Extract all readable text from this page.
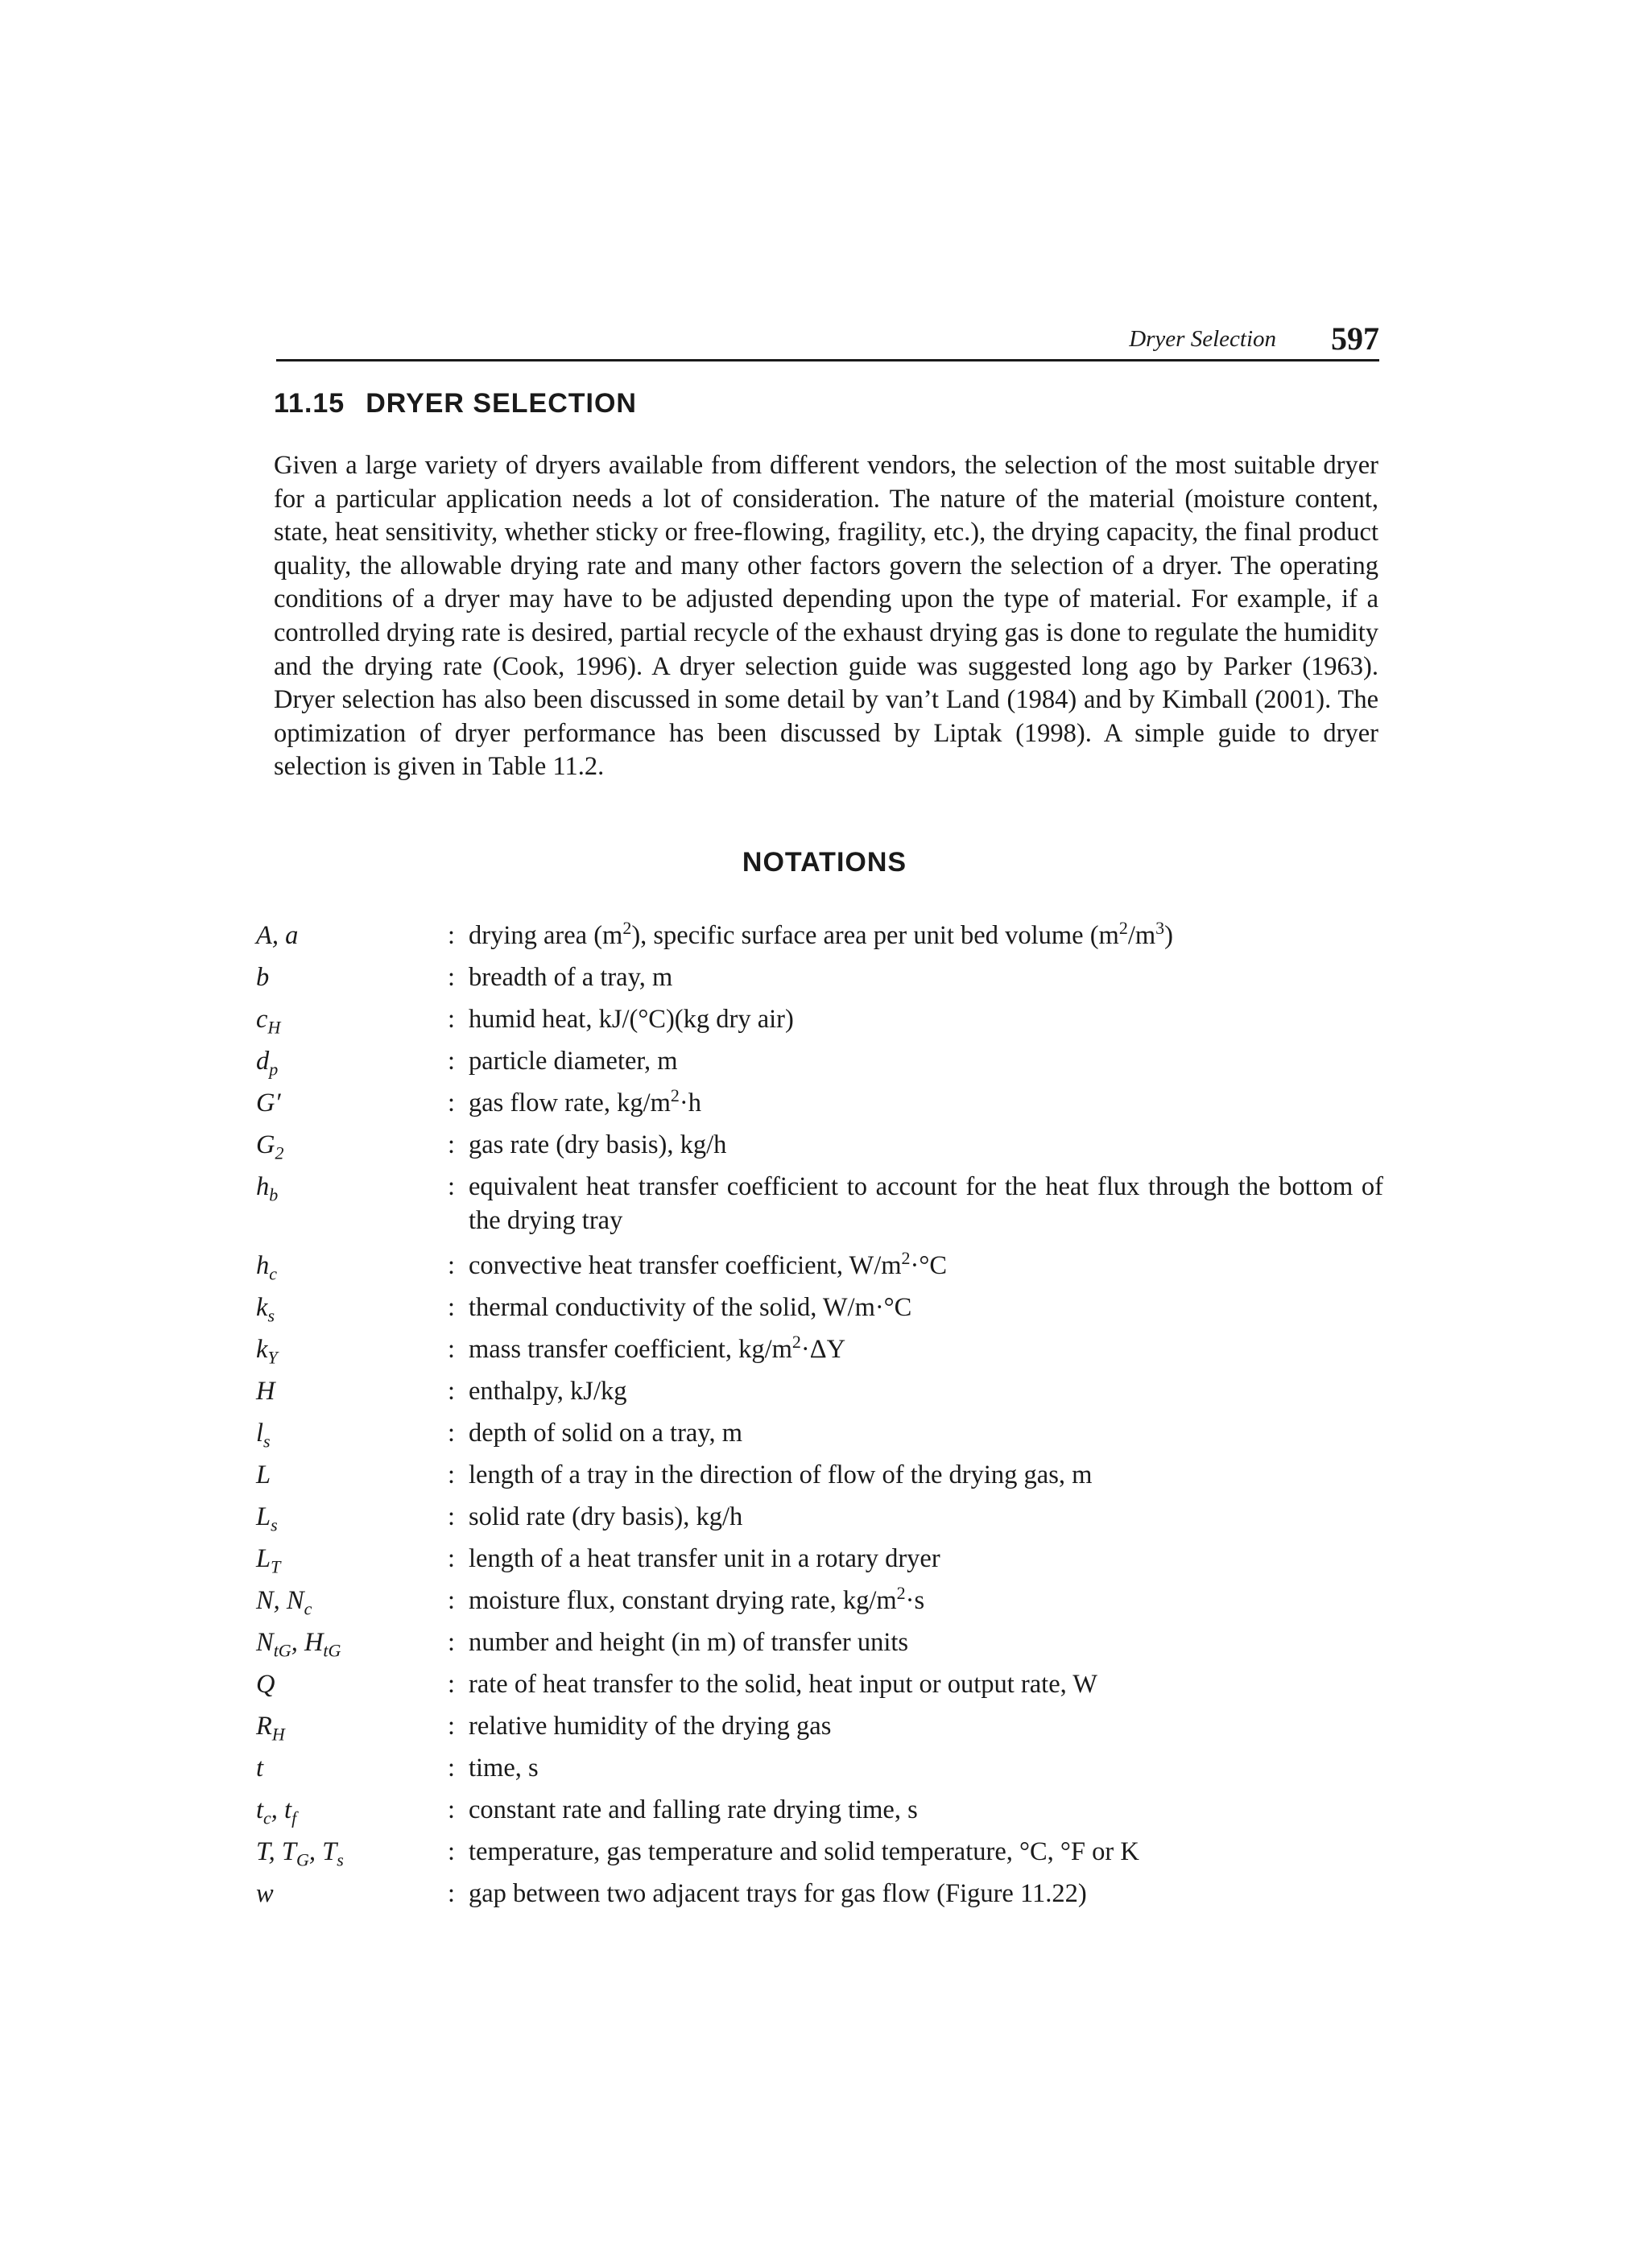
Dryer Selection 597
11.15 DRYER SELECTION

Given a large variety of dryers available from different vendors, the selection of the most suitable dryer for a particular application needs a lot of consideration. The nature of the material (moisture content, state, heat sensitivity, whether sticky or free-flowing, fragility, etc.), the drying capacity, the final product quality, the allowable drying rate and many other factors govern the selection of a dryer. The operating conditions of a dryer may have to be adjusted depending upon the type of material. For example, if a controlled drying rate is desired, partial recycle of the exhaust drying gas is done to regulate the humidity and the drying rate (Cook, 1996). A dryer selection guide was suggested long ago by Parker (1963). Dryer selection has also been discussed in some detail by van’t Land (1984) and by Kimball (2001). The optimization of dryer performance has been discussed by Liptak (1998). A simple guide to dryer selection is given in Table 11.2.

NOTATIONS
A, a	: drying area $(m^2)$, specific surface area per unit bed volume $(m^2/m^3)$
b	: breadth of a tray, m
$c_H$	: humid heat, kJ/(°C)(kg dry air)
$d_p$	: particle diameter, m
G′	: gas flow rate, $kg/m^2\cdot h$
$G_2$	: gas rate (dry basis), kg/h
$h_b$	: equivalent heat transfer coefficient to account for the heat flux through the bottom of the drying tray
$h_c$	: convective heat transfer coefficient, $W/m^2\cdot^\circ C$
$k_s$	: thermal conductivity of the solid, W/m·°C
$k_Y$	: mass transfer coefficient, $kg/m^2\cdot\Delta Y$
H	: enthalpy, kJ/kg
$l_s$	: depth of solid on a tray, m
L	: length of a tray in the direction of flow of the drying gas, m
$L_s$	: solid rate (dry basis), kg/h
$L_T$	: length of a heat transfer unit in a rotary dryer
N, $N_c$	: moisture flux, constant drying rate, $kg/m^2\cdot s$
$N_{tG}$, $H_{tG}$	: number and height (in m) of transfer units
Q	: rate of heat transfer to the solid, heat input or output rate, W
$R_H$	: relative humidity of the drying gas
t	: time, s
$t_c$, $t_f$	: constant rate and falling rate drying time, s
T, $T_G$, $T_s$	: temperature, gas temperature and solid temperature, °C, °F or K
w	: gap between two adjacent trays for gas flow (Figure 11.22)
